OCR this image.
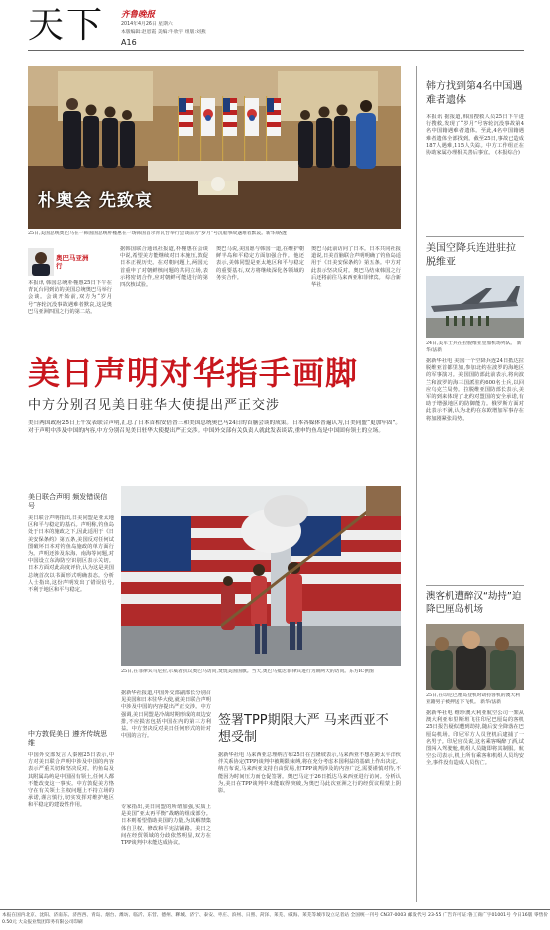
天下 齐鲁晚报
2014年4月26日 星期六
本版编辑:赵恩霞 美编:牛欣宇 组版:刘燕
A16
朴奥会 先致哀
25日,美国总统奥巴马在一韩国国总统朴槿惠在一场韩国首尔青瓦台举行会谈前为“岁月”号沉船事故遇难者默哀。新华/路透
奥巴马亚洲行
本报讯 韩国总统朴槿惠25日下午在青瓦台同到访的美国总统奥巴马举行会谈。会谈开始前,双方为“岁月号”客轮沉没事故遇难者默哀,这是奥巴马亚洲四国之行的第二站。
据韩国联合通讯社报道,朴槿惠在会谈中说,希望美方能继续对日本施压,敦促日本正视历史。在对朝问题上,两国元首重申了对朝鲜核问题的共同立场,表示将密切合作,应对朝鲜可能进行的第四次核试验。
奥巴马说,美国愿与韩国一道,在维护朝鲜半岛和平稳定方面加强合作。他还表示,美韩同盟是亚太地区和平与稳定的重要基石,双方将继续深化各领域的务实合作。
奥巴马此前访问了日本。日本共同社报道说,日美首脑联合声明明确了钓鱼岛适用于《日美安保条约》第五条。中方对此表示坚决反对。奥巴马结束韩国之行后还将前往马来西亚和菲律宾。 综合新华社
美日声明对华指手画脚
中方分别召见美日驻华大使提出严正交涉
美日两国政府25日上午发表联合声明,汇总了日本首相安倍晋三和美国总统奥巴马24日的首脑会谈的成果。日本各媒体普遍认为,日美同盟“更加牢固”。对于声明中涉及中国的内容,中方分别召见美日驻华大使提出严正交涉。中国外交部有关负责人就此发表谈话,重申钓鱼岛是中国固有领土的立场。
美日联合声明 频发错误信号
美日联合声明指出,日美同盟是亚太地区和平与稳定的基石。声明称,钓鱼岛处于日本的施政之下,因此适用于《日美安保条约》第五条,美国反对任何试图破坏日本对钓鱼岛施政的单方面行为。声明还涉及东海、南海等问题,对中国设立东海防空识别区表示关切。日本方面对此高度评价,认为这是美国总统首次以书面形式明确表态。分析人士指出,这份声明发出了错误信号,不利于地区和平与稳定。
中方敦促美日 遵齐传统思维
中国外交部发言人秦刚25日表示,中方对美日联合声明中涉及中国的内容表示严重关切和坚决反对。钓鱼岛及其附属岛屿是中国固有领土,任何人都不能改变这一事实。中方敦促美方恪守在有关领土主权问题上不持立场的承诺,谨言慎行,切实发挥对维护地区和平稳定的建设性作用。
25日,在菲律宾马尼拉,示威者抗议奥巴马访问,焚烧美国国旗。当天,奥巴马抵达菲律宾进行为期两天的访问。东方IC供图
据新华社报道,中国外交部副部长分别召见美国和日本驻华大使,就美日联合声明中涉及中国的内容提出严正交涉。中方强调,美日同盟是冷战时期形成的双边安排,不应损害包括中国在内的第三方利益。中方坚决反对美日任何形式的针对中国的言行。
专家指出,美日同盟的所谓加强,实质上是美国“亚太再平衡”战略的组成部分。日本则希望借助美国的力量,为其解禁集体自卫权、修改和平宪法铺路。美日之间在经贸领域的分歧依然明显,双方在TPP谈判中未能达成协议。
签署TPP期限大严 马来西亚不想受制
据新华社电 马来西亚总理纳吉布25日在吉隆坡表示,马来西亚不想在跨太平洋伙伴关系协定(TPP)谈判中被期限束缚,将在充分考虑本国利益的基础上作出决定。纳吉布说,马来西亚支持自由贸易,但TPP谈判涉及的内容广泛,需要谨慎对待,不能因为时间压力而仓促签署。奥巴马定于26日抵达马来西亚进行访问。分析认为,美日在TPP谈判中未能取得突破,为奥巴马此次亚洲之行的经贸议程蒙上阴影。
韩方找到第4名中国遇难者遗体
本报讯 据报道,韩国搜救人员25日下午进行搜救,发现了“岁月”号客轮沉没事故第4名中国籍遇难者遗体。至此,4名中国籍遇难者遗体全部找到。截至25日,事故已造成187人遇难,115人失踪。中方工作组正在协助家属办理相关善后事宜。 (本报综合)
美国空降兵连进驻拉脱维亚
24日,美军士兵在拉脱维亚里加机场列队。 新华/法新
据新华社电 美国一个空降兵连24日抵达拉脱维亚首都里加,参加北约在波罗的海地区的军事演习。美国国防部此前表示,将向波兰和波罗的海三国派驻约600名士兵,以回应乌克兰局势。拉脱维亚国防部长表示,美军的到来体现了北约对盟国的安全承诺,有助于增强地区的防御能力。俄罗斯方面对此表示不满,认为北约在东欧增加军事存在将加剧紧张局势。
澳客机遭醉汉“劫持”迫降巴厘岛机场
25日,在印尼巴厘岛登机时劫持客机的澳大利亚籍男子被押送下飞机。 新华/法新
据新华社电 维珍澳大利亚航空公司一架从澳大利亚布里斯班飞往印尼巴厘岛的客机25日报告疑似遭到劫持,随后安全降落在巴厘岛机场。印尼军方人员登机后逮捕了一名男子。印尼官员说,这名乘客喝醉了酒,试图闯入驾驶舱,机组人员随即将其制服。航空公司表示,机上所有乘客和机组人员均安全,事件没有造成人员伤亡。
本报在国内北京、沈阳、济南东、济西西、青岛、烟台、潍坊、临沂、东营、德州、聊城、济宁、泰安、枣庄、滨州、日照、菏泽、莱芜、威海、莱芜等城市设立记者站 全国统一刊号 CN37-0003 邮发代号 23-55 广告许可证:鲁工商广字01001号 今日16版 零售价 0.50元 大众报业集团印务有限公司印刷
